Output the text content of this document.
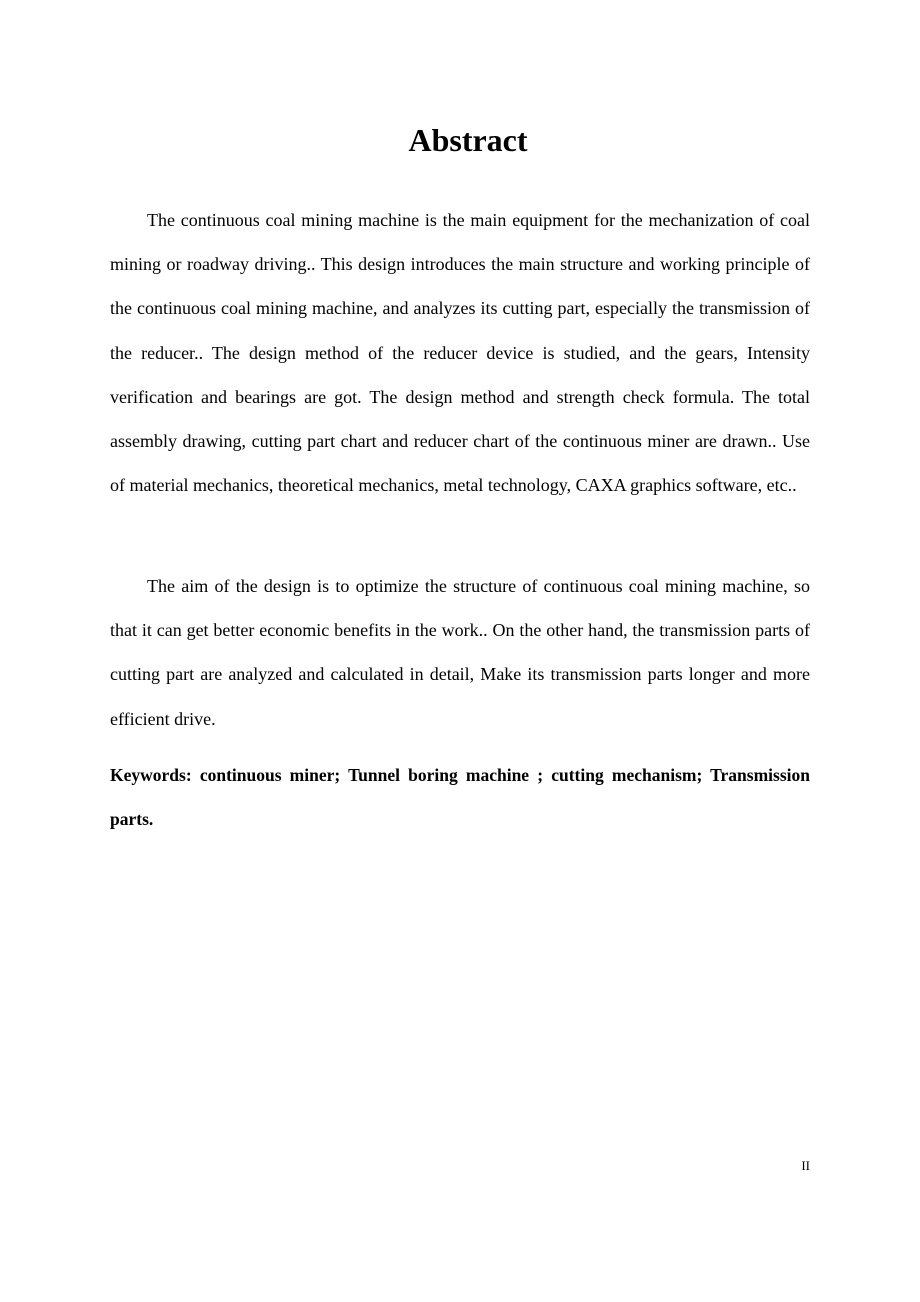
Abstract

The continuous coal mining machine is the main equipment for the mechanization of coal mining or roadway driving.. This design introduces the main structure and working principle of the continuous coal mining machine, and analyzes its cutting part, especially the transmission of the reducer.. The design method of the reducer device is studied, and the gears, Intensity verification and bearings are got. The design method and strength check formula. The total assembly drawing, cutting part chart and reducer chart of the continuous miner are drawn.. Use of material mechanics, theoretical mechanics, metal technology, CAXA graphics software, etc..

The aim of the design is to optimize the structure of continuous coal mining machine, so that it can get better economic benefits in the work.. On the other hand, the transmission parts of cutting part are analyzed and calculated in detail, Make its transmission parts longer and more efficient drive.

Keywords: continuous miner; Tunnel boring machine ; cutting mechanism; Transmission parts.

II
